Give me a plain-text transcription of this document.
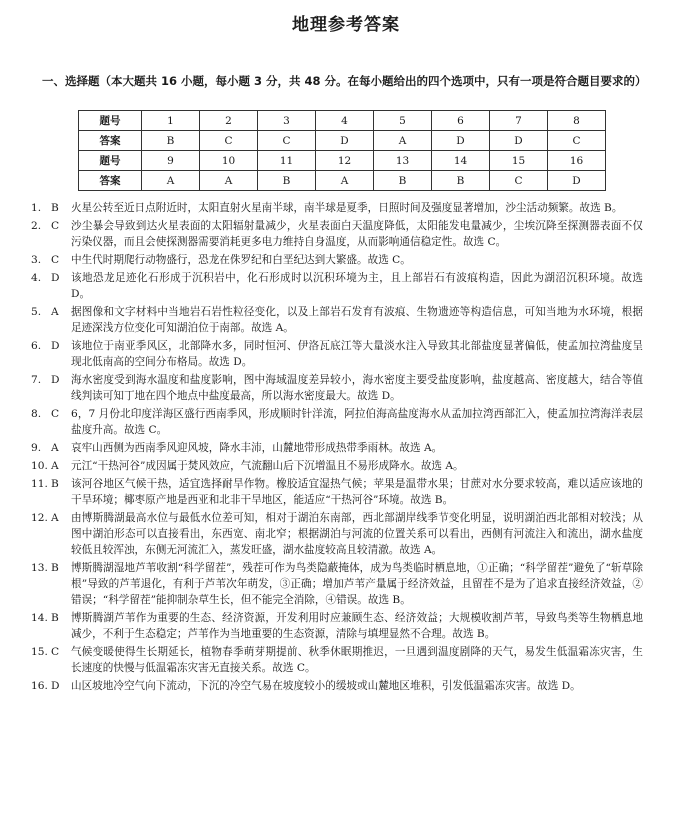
地理参考答案
一、选择题（本大题共 16 小题，每小题 3 分，共 48 分。在每小题给出的四个选项中，只有一项是符合题目要求的）
题号	1	2	3	4	5	6	7	8
答案	B	C	C	D	A	D	D	C
题号	9	10	11	12	13	14	15	16
答案	A	A	B	A	B	B	C	D
1. B	火星公转至近日点附近时，太阳直射火星南半球，南半球是夏季，日照时间及强度显著增加，沙尘活动频繁。故选 B。
2. C	沙尘暴会导致到达火星表面的太阳辐射量减少，火星表面白天温度降低，太阳能发电量减少，尘埃沉降至探测器表面不仅污染仪器，而且会使探测器需要消耗更多电力维持自身温度，从而影响通信稳定性。故选 C。
3. C	中生代时期爬行动物盛行，恐龙在侏罗纪和白垩纪达到大繁盛。故选 C。
4. D	该地恐龙足迹化石形成于沉积岩中，化石形成时以沉积环境为主，且上部岩石有波痕构造，因此为湖沼沉积环境。故选 D。
5. A	据图像和文字材料中当地岩石岩性粒径变化，以及上部岩石发育有波痕、生物遗迹等构造信息，可知当地为水环境，根据足迹深浅方位变化可知湖泊位于南部。故选 A。
6. D	该地位于南亚季风区，北部降水多，同时恒河、伊洛瓦底江等大量淡水注入导致其北部盐度显著偏低，使孟加拉湾盐度呈现北低南高的空间分布格局。故选 D。
7. D	海水密度受到海水温度和盐度影响，图中海域温度差异较小，海水密度主要受盐度影响，盐度越高、密度越大，结合等值线判读可知丁地在四个地点中盐度最高，所以海水密度最大。故选 D。
8. C	6，7 月份北印度洋海区盛行西南季风，形成顺时针洋流，阿拉伯海高盐度海水从孟加拉湾西部汇入，使孟加拉湾海洋表层盐度升高。故选 C。
9. A	哀牢山西侧为西南季风迎风坡，降水丰沛，山麓地带形成热带季雨林。故选 A。
10. A	元江“干热河谷”成因属于焚风效应，气流翻山后下沉增温且不易形成降水。故选 A。
11. B	该河谷地区气候干热，适宜选择耐旱作物。橡胶适宜湿热气候；苹果是温带水果；甘蔗对水分要求较高，难以适应该地的干旱环境；椰枣原产地是西亚和北非干旱地区，能适应“干热河谷”环境。故选 B。
12. A	由博斯腾湖最高水位与最低水位差可知，相对于湖泊东南部，西北部湖岸线季节变化明显，说明湖泊西北部相对较浅；从图中湖泊形态可以直接看出，东西宽、南北窄；根据湖泊与河流的位置关系可以看出，西侧有河流注入和流出，湖水盐度较低且较浑浊，东侧无河流汇入，蒸发旺盛，湖水盐度较高且较清澈。故选 A。
13. B	博斯腾湖湿地芦苇收割“科学留茬”，残茬可作为鸟类隐蔽掩体，成为鸟类临时栖息地，①正确；“科学留茬”避免了“斩草除根”导致的芦苇退化，有利于芦苇次年萌发，③正确；增加芦苇产量属于经济效益，且留茬不是为了追求直接经济效益，②错误；“科学留茬”能抑制杂草生长，但不能完全消除，④错误。故选 B。
14. B	博斯腾湖芦苇作为重要的生态、经济资源，开发利用时应兼顾生态、经济效益；大规模收割芦苇，导致鸟类等生物栖息地减少，不利于生态稳定；芦苇作为当地重要的生态资源，清除与填埋显然不合理。故选 B。
15. C	气候变暖使得生长期延长，植物春季萌芽期提前、秋季休眠期推迟，一旦遇到温度剧降的天气，易发生低温霜冻灾害，生长速度的快慢与低温霜冻灾害无直接关系。故选 C。
16. D	山区坡地冷空气向下流动，下沉的冷空气易在坡度较小的缓坡或山麓地区堆积，引发低温霜冻灾害。故选 D。
